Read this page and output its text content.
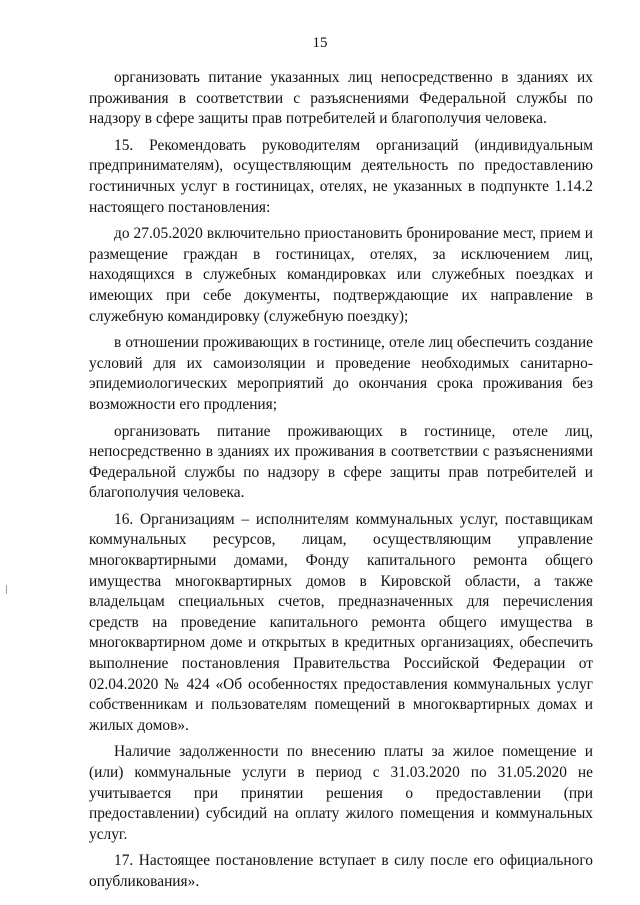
15

организовать питание указанных лиц непосредственно в зданиях их проживания в соответствии с разъяснениями Федеральной службы по надзору в сфере защиты прав потребителей и благополучия человека.

15. Рекомендовать руководителям организаций (индивидуальным предпринимателям), осуществляющим деятельность по предоставлению гостиничных услуг в гостиницах, отелях, не указанных в подпункте 1.14.2 настоящего постановления:

до 27.05.2020 включительно приостановить бронирование мест, прием и размещение граждан в гостиницах, отелях, за исключением лиц, находящихся в служебных командировках или служебных поездках и имеющих при себе документы, подтверждающие их направление в служебную командировку (служебную поездку);

в отношении проживающих в гостинице, отеле лиц обеспечить создание условий для их самоизоляции и проведение необходимых санитарно-эпидемиологических мероприятий до окончания срока проживания без возможности его продления;

организовать питание проживающих в гостинице, отеле лиц, непосредственно в зданиях их проживания в соответствии с разъяснениями Федеральной службы по надзору в сфере защиты прав потребителей и благополучия человека.

16. Организациям – исполнителям коммунальных услуг, поставщикам коммунальных ресурсов, лицам, осуществляющим управление многоквартирными домами, Фонду капитального ремонта общего имущества многоквартирных домов в Кировской области, а также владельцам специальных счетов, предназначенных для перечисления средств на проведение капитального ремонта общего имущества в многоквартирном доме и открытых в кредитных организациях, обеспечить выполнение постановления Правительства Российской Федерации от 02.04.2020 № 424 «Об особенностях предоставления коммунальных услуг собственникам и пользователям помещений в многоквартирных домах и жилых домов».

Наличие задолженности по внесению платы за жилое помещение и (или) коммунальные услуги в период с 31.03.2020 по 31.05.2020 не учитывается при принятии решения о предоставлении (при предоставлении) субсидий на оплату жилого помещения и коммунальных услуг.

17. Настоящее постановление вступает в силу после его официального опубликования».
